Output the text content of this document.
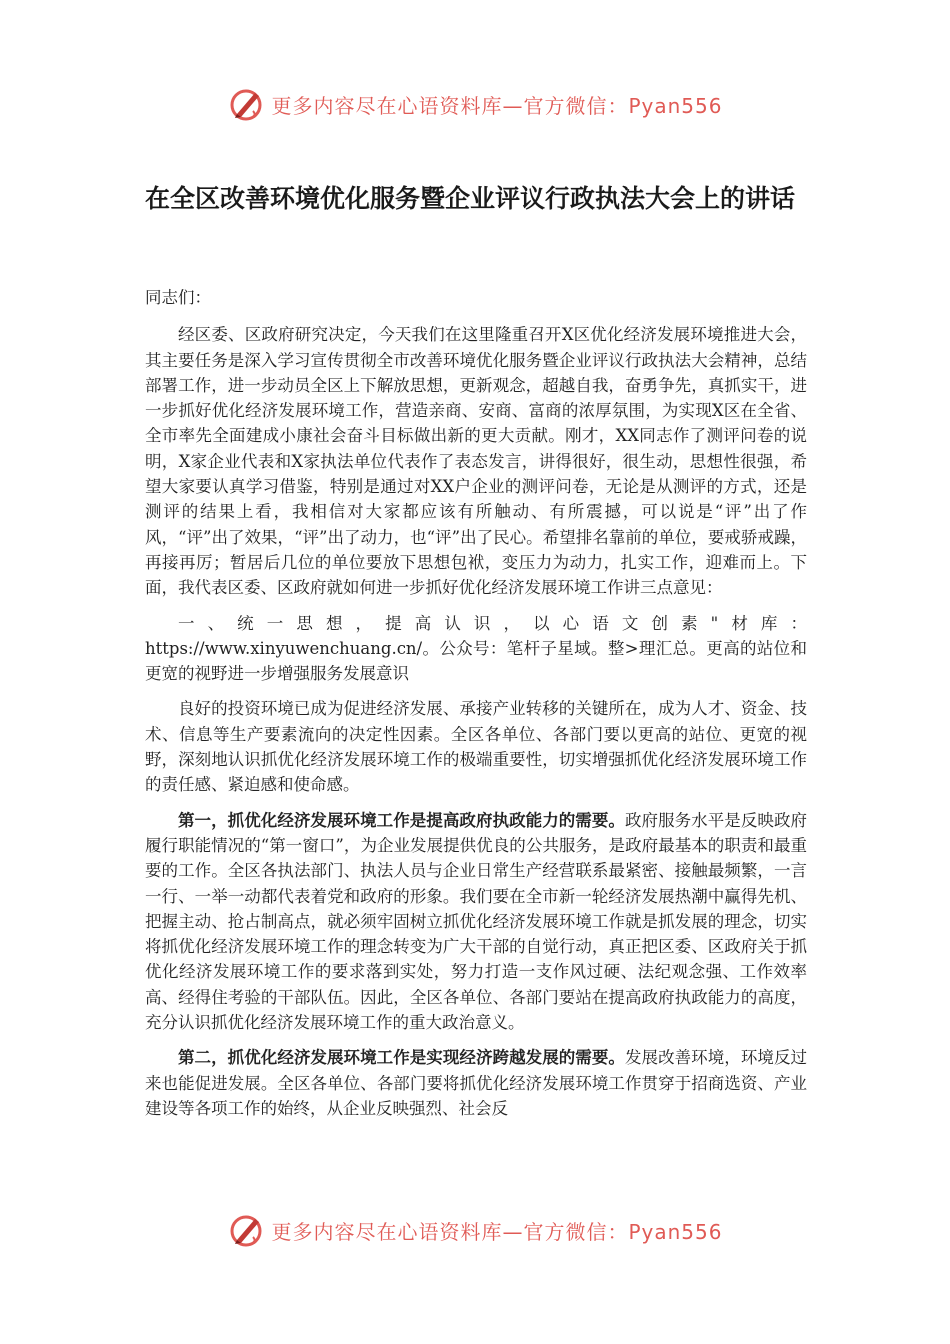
更多内容尽在心语资料库—官方微信：Pyan556
在全区改善环境优化服务暨企业评议行政执法大会上的讲话

同志们：

经区委、区政府研究决定，今天我们在这里隆重召开X区优化经济发展环境推进大会，其主要任务是深入学习宣传贯彻全市改善环境优化服务暨企业评议行政执法大会精神，总结部署工作，进一步动员全区上下解放思想，更新观念，超越自我，奋勇争先，真抓实干，进一步抓好优化经济发展环境工作，营造亲商、安商、富商的浓厚氛围，为实现X区在全省、全市率先全面建成小康社会奋斗目标做出新的更大贡献。刚才，XX同志作了测评问卷的说明，X家企业代表和X家执法单位代表作了表态发言，讲得很好，很生动，思想性很强，希望大家要认真学习借鉴，特别是通过对XX户企业的测评问卷，无论是从测评的方式，还是测评的结果上看，我相信对大家都应该有所触动、有所震撼，可以说是“评”出了作风，“评”出了效果，“评”出了动力，也“评”出了民心。希望排名靠前的单位，要戒骄戒躁，再接再厉；暂居后几位的单位要放下思想包袱，变压力为动力，扎实工作，迎难而上。下面，我代表区委、区政府就如何进一步抓好优化经济发展环境工作讲三点意见：

一、统一思想，提高认识，以心语文创素"材库：https://www.xinyuwenchuang.cn/。公众号：笔杆子星域。整>理汇总。更高的站位和更宽的视野进一步增强服务发展意识

良好的投资环境已成为促进经济发展、承接产业转移的关键所在，成为人才、资金、技术、信息等生产要素流向的决定性因素。全区各单位、各部门要以更高的站位、更宽的视野，深刻地认识抓优化经济发展环境工作的极端重要性，切实增强抓优化经济发展环境工作的责任感、紧迫感和使命感。

第一，抓优化经济发展环境工作是提高政府执政能力的需要。政府服务水平是反映政府履行职能情况的“第一窗口”，为企业发展提供优良的公共服务，是政府最基本的职责和最重要的工作。全区各执法部门、执法人员与企业日常生产经营联系最紧密、接触最频繁，一言一行、一举一动都代表着党和政府的形象。我们要在全市新一轮经济发展热潮中赢得先机、把握主动、抢占制高点，就必须牢固树立抓优化经济发展环境工作就是抓发展的理念，切实将抓优化经济发展环境工作的理念转变为广大干部的自觉行动，真正把区委、区政府关于抓优化经济发展环境工作的要求落到实处，努力打造一支作风过硬、法纪观念强、工作效率高、经得住考验的干部队伍。因此，全区各单位、各部门要站在提高政府执政能力的高度，充分认识抓优化经济发展环境工作的重大政治意义。

第二，抓优化经济发展环境工作是实现经济跨越发展的需要。发展改善环境，环境反过来也能促进发展。全区各单位、各部门要将抓优化经济发展环境工作贯穿于招商选资、产业建设等各项工作的始终，从企业反映强烈、社会反

更多内容尽在心语资料库—官方微信：Pyan556
